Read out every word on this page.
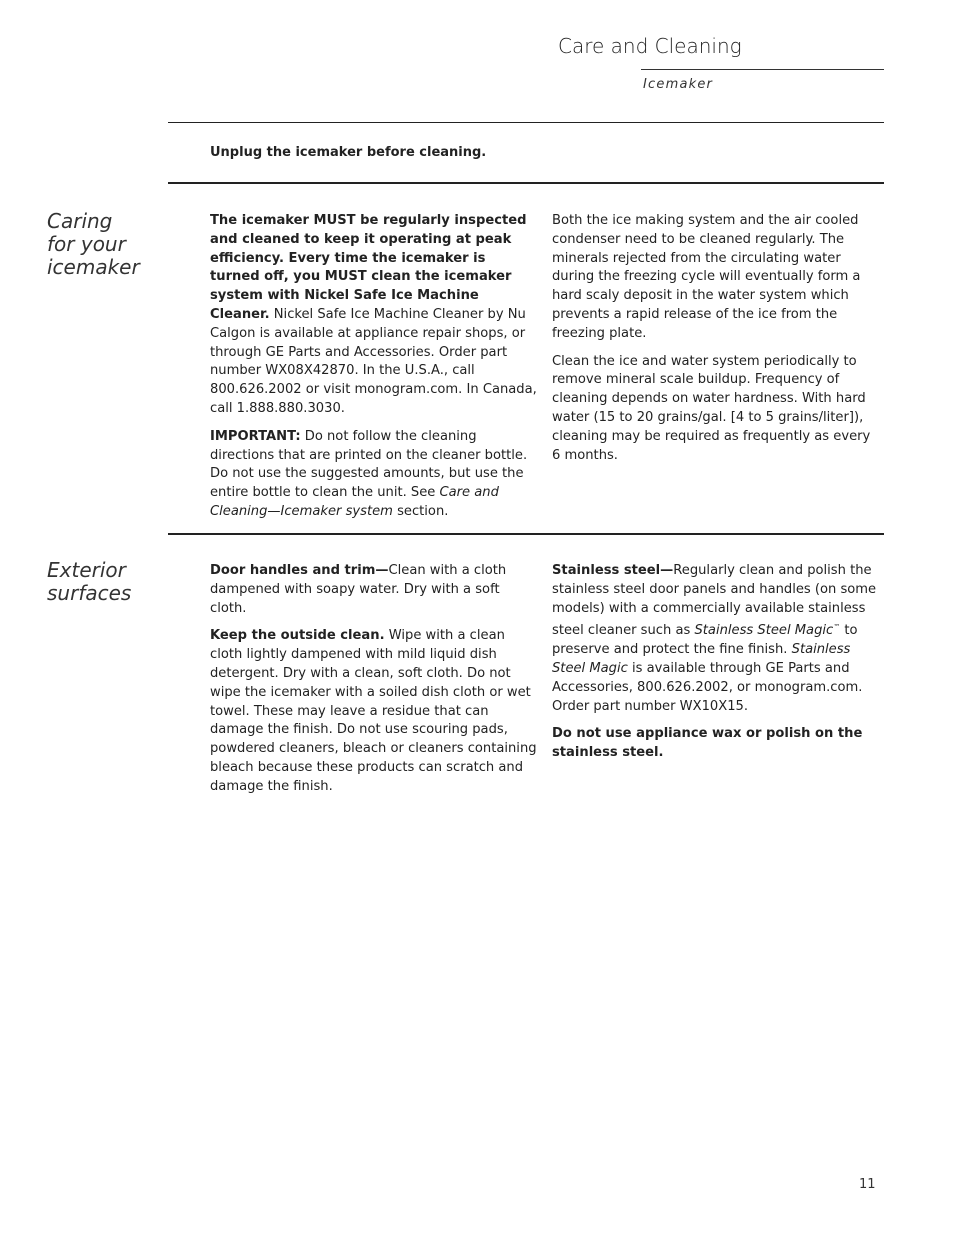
Care and Cleaning
Icemaker
Unplug the icemaker before cleaning.
Caring
for your
icemaker

The icemaker MUST be regularly inspected and cleaned to keep it operating at peak efficiency. Every time the icemaker is turned off, you MUST clean the icemaker system with Nickel Safe Ice Machine Cleaner. Nickel Safe Ice Machine Cleaner by Nu Calgon is available at appliance repair shops, or through GE Parts and Accessories. Order part number WX08X42870. In the U.S.A., call 800.626.2002 or visit monogram.com. In Canada, call 1.888.880.3030.

IMPORTANT: Do not follow the cleaning directions that are printed on the cleaner bottle. Do not use the suggested amounts, but use the entire bottle to clean the unit. See Care and Cleaning—Icemaker system section.

Both the ice making system and the air cooled condenser need to be cleaned regularly. The minerals rejected from the circulating water during the freezing cycle will eventually form a hard scaly deposit in the water system which prevents a rapid release of the ice from the freezing plate.

Clean the ice and water system periodically to remove mineral scale buildup. Frequency of cleaning depends on water hardness. With hard water (15 to 20 grains/gal. [4 to 5 grains/liter]), cleaning may be required as frequently as every 6 months.

Exterior
surfaces

Door handles and trim—Clean with a cloth dampened with soapy water. Dry with a soft cloth.

Keep the outside clean. Wipe with a clean cloth lightly dampened with mild liquid dish detergent. Dry with a clean, soft cloth. Do not wipe the icemaker with a soiled dish cloth or wet towel. These may leave a residue that can damage the finish. Do not use scouring pads, powdered cleaners, bleach or cleaners containing bleach because these products can scratch and damage the finish.

Stainless steel—Regularly clean and polish the stainless steel door panels and handles (on some models) with a commercially available stainless steel cleaner such as Stainless Steel Magic™ to preserve and protect the fine finish. Stainless Steel Magic is available through GE Parts and Accessories, 800.626.2002, or monogram.com. Order part number WX10X15.

Do not use appliance wax or polish on the stainless steel.

11
